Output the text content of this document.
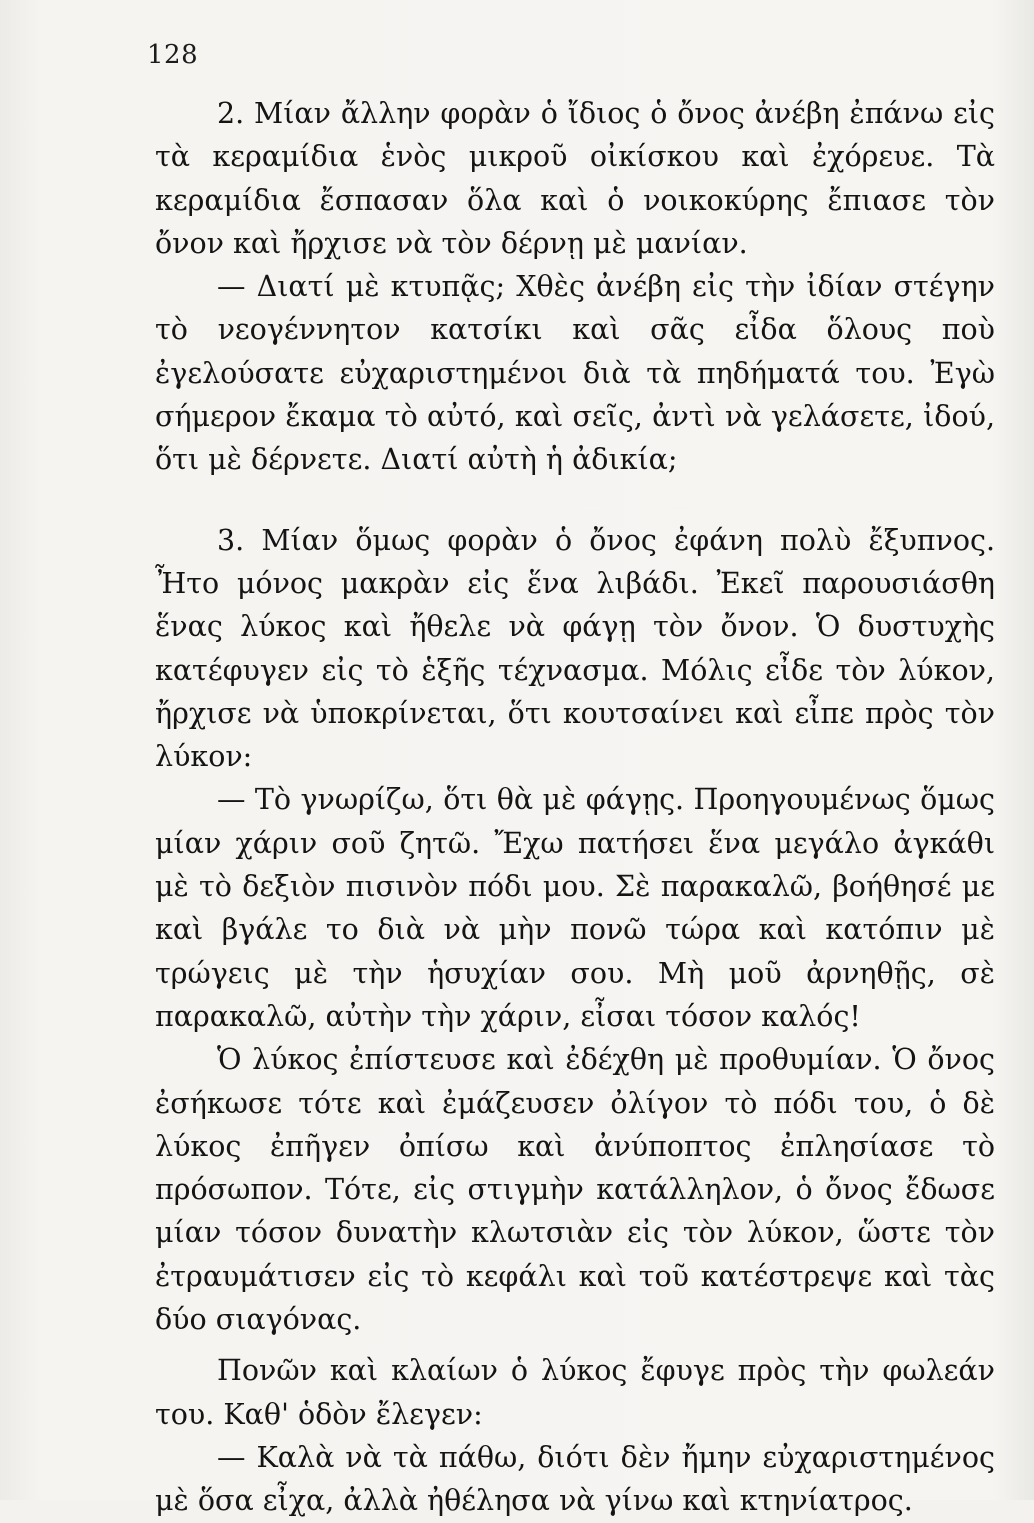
128

2. Μίαν ἄλλην φορὰν ὁ ἴδιος ὁ ὄνος ἀνέβη ἐπάνω εἰς τὰ κεραμίδια ἑνὸς μικροῦ οἰκίσκου καὶ ἐχόρευε. Τὰ κεραμίδια ἔσπασαν ὅλα καὶ ὁ νοικοκύρης ἔπιασε τὸν ὄνον καὶ ἤρχισε νὰ τὸν δέρνῃ μὲ μανίαν.

— Διατί μὲ κτυπᾷς; Χθὲς ἀνέβη εἰς τὴν ἰδίαν στέγην τὸ νεογέννητον κατσίκι καὶ σᾶς εἶδα ὅλους ποὺ ἐγελούσατε εὐχαριστημένοι διὰ τὰ πηδήματά του. Ἐγὼ σήμερον ἔκαμα τὸ αὐτό, καὶ σεῖς, ἀντὶ νὰ γελάσετε, ἰδού, ὅτι μὲ δέρνετε. Διατί αὐτὴ ἡ ἀδικία;

3. Μίαν ὅμως φορὰν ὁ ὄνος ἐφάνη πολὺ ἔξυπνος. Ἦτο μόνος μακρὰν εἰς ἕνα λιβάδι. Ἐκεῖ παρουσιάσθη ἕνας λύκος καὶ ἤθελε νὰ φάγῃ τὸν ὄνον. Ὁ δυστυχὴς κατέφυγεν εἰς τὸ ἑξῆς τέχνασμα. Μόλις εἶδε τὸν λύκον, ἤρχισε νὰ ὑποκρίνεται, ὅτι κουτσαίνει καὶ εἶπε πρὸς τὸν λύκον:

— Τὸ γνωρίζω, ὅτι θὰ μὲ φάγῃς. Προηγουμένως ὅμως μίαν χάριν σοῦ ζητῶ. Ἔχω πατήσει ἕνα μεγάλο ἀγκάθι μὲ τὸ δεξιὸν πισινὸν πόδι μου. Σὲ παρακαλῶ, βοήθησέ με καὶ βγάλε το διὰ νὰ μὴν πονῶ τώρα καὶ κατόπιν μὲ τρώγεις μὲ τὴν ἡσυχίαν σου. Μὴ μοῦ ἀρνηθῇς, σὲ παρακαλῶ, αὐτὴν τὴν χάριν, εἶσαι τόσον καλός!

Ὁ λύκος ἐπίστευσε καὶ ἐδέχθη μὲ προθυμίαν. Ὁ ὄνος ἐσήκωσε τότε καὶ ἐμάζευσεν ὀλίγον τὸ πόδι του, ὁ δὲ λύκος ἐπῆγεν ὀπίσω καὶ ἀνύποπτος ἐπλησίασε τὸ πρόσωπον. Τότε, εἰς στιγμὴν κατάλληλον, ὁ ὄνος ἔδωσε μίαν τόσον δυνατὴν κλωτσιὰν εἰς τὸν λύκον, ὥστε τὸν ἐτραυμάτισεν εἰς τὸ κεφάλι καὶ τοῦ κατέστρεψε καὶ τὰς δύο σιαγόνας.

Πονῶν καὶ κλαίων ὁ λύκος ἔφυγε πρὸς τὴν φωλεάν του. Καθ' ὁδὸν ἔλεγεν:

— Καλὰ νὰ τὰ πάθω, διότι δὲν ἤμην εὐχαριστημένος μὲ ὅσα εἶχα, ἀλλὰ ἠθέλησα νὰ γίνω καὶ κτηνίατρος.
